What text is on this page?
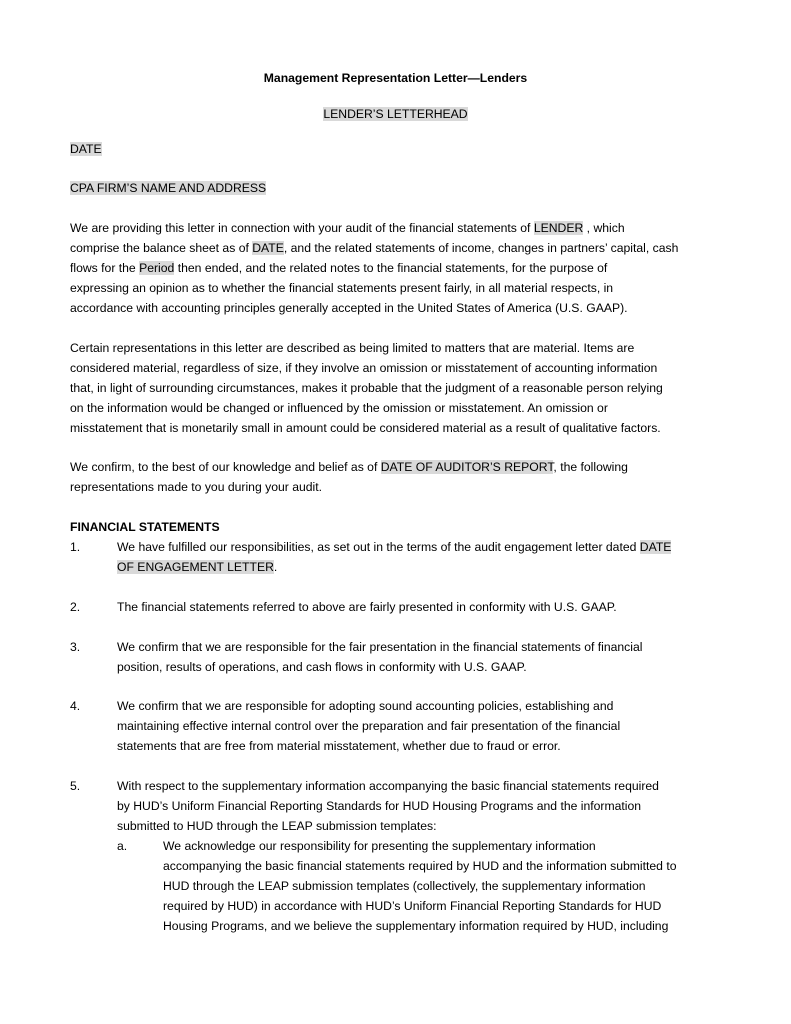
Management Representation Letter—Lenders
LENDER’S LETTERHEAD
DATE
CPA FIRM’S NAME AND ADDRESS
We are providing this letter in connection with your audit of the financial statements of LENDER , which
comprise the balance sheet as of DATE, and the related statements of income, changes in partners’ capital, cash
flows for the Period then ended, and the related notes to the financial statements, for the purpose of
expressing an opinion as to whether the financial statements present fairly, in all material respects, in
accordance with accounting principles generally accepted in the United States of America (U.S. GAAP).
Certain representations in this letter are described as being limited to matters that are material. Items are
considered material, regardless of size, if they involve an omission or misstatement of accounting information
that, in light of surrounding circumstances, makes it probable that the judgment of a reasonable person relying
on the information would be changed or influenced by the omission or misstatement. An omission or
misstatement that is monetarily small in amount could be considered material as a result of qualitative factors.
We confirm, to the best of our knowledge and belief as of DATE OF AUDITOR’S REPORT, the following
representations made to you during your audit.
FINANCIAL STATEMENTS
1.	We have fulfilled our responsibilities, as set out in the terms of the audit engagement letter dated DATE
OF ENGAGEMENT LETTER.
2.	The financial statements referred to above are fairly presented in conformity with U.S. GAAP.
3.	We confirm that we are responsible for the fair presentation in the financial statements of financial
position, results of operations, and cash flows in conformity with U.S. GAAP.
4.	We confirm that we are responsible for adopting sound accounting policies, establishing and
maintaining effective internal control over the preparation and fair presentation of the financial
statements that are free from material misstatement, whether due to fraud or error.
5.	With respect to the supplementary information accompanying the basic financial statements required
by HUD’s Uniform Financial Reporting Standards for HUD Housing Programs and the information
submitted to HUD through the LEAP submission templates:
a.	We acknowledge our responsibility for presenting the supplementary information
accompanying the basic financial statements required by HUD and the information submitted to
HUD through the LEAP submission templates (collectively, the supplementary information
required by HUD) in accordance with HUD’s Uniform Financial Reporting Standards for HUD
Housing Programs, and we believe the supplementary information required by HUD, including
